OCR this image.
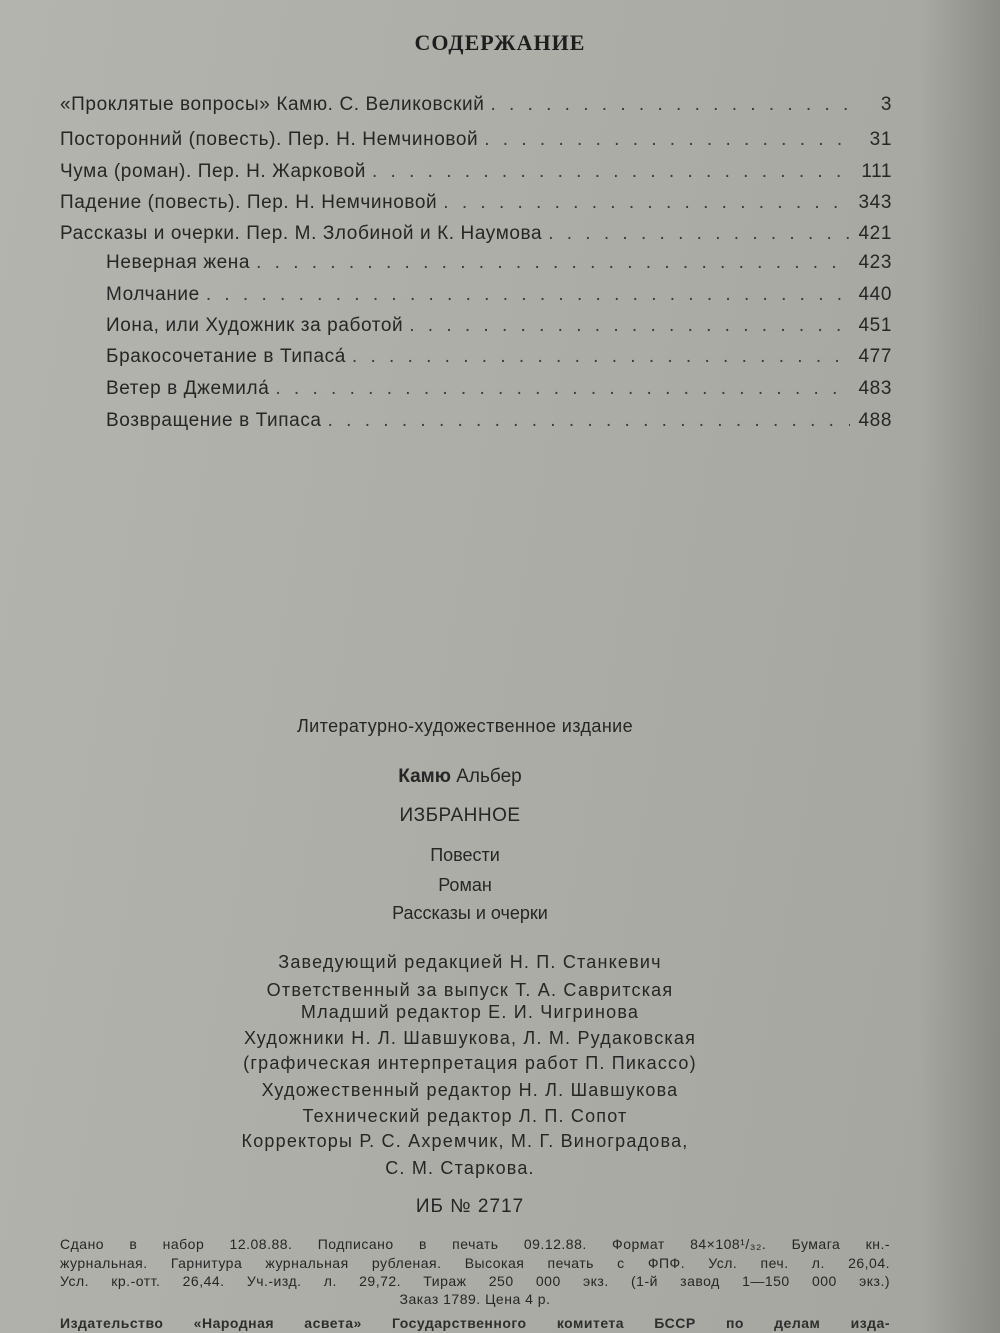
СОДЕРЖАНИЕ
«Проклятые вопросы» Камю. С. Великовский . . .	3
Посторонний (повесть). Пер. Н. Немчиновой . . .	31
Чума (роман). Пер. Н. Жарковой . . .	111
Падение (повесть). Пер. Н. Немчиновой . . .	343
Рассказы и очерки. Пер. М. Злобиной и К. Наумова . . .	421
Неверная жена . . .	423
Молчание . . .	440
Иона, или Художник за работой . . .	451
Бракосочетание в Типаса́ . . .	477
Ветер в Джемила́ . . .	483
Возвращение в Типаса . . .	488
Литературно-художественное издание
Камю Альбер
ИЗБРАННОЕ
Повести
Роман
Рассказы и очерки
Заведующий редакцией Н. П. Станкевич
Ответственный за выпуск Т. А. Савритская
Младший редактор Е. И. Чигринова
Художники Н. Л. Шавшукова, Л. М. Рудаковская
(графическая интерпретация работ П. Пикассо)
Художественный редактор Н. Л. Шавшукова
Технический редактор Л. П. Сопот
Корректоры Р. С. Ахремчик, М. Г. Виноградова,
С. М. Старкова.
ИБ № 2717
Сдано в набор 12.08.88. Подписано в печать 09.12.88. Формат 84×108¹/₃₂. Бумага кн.-
журнальная. Гарнитура журнальная рубленая. Высокая печать с ФПФ. Усл. печ. л. 26,04.
Усл. кр.-отт. 26,44. Уч.-изд. л. 29,72. Тираж 250 000 экз. (1-й завод 1—150 000 экз.)
Заказ 1789. Цена 4 р.
Издательство «Народная асвета» Государственного комитета БССР по делам изда-
